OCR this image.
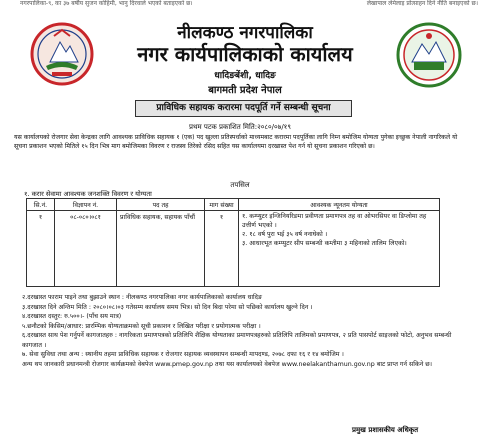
नगरपालिका-९, का ३७ बर्षीय सुजन कोहिमी, भानु दिरवाले भएको बताइएको छ।	लेखापाल लेमेलाइ प्रोत्साहन दिने नीति बनाइएको छ।
नीलकण्ठ नगरपालिका
नगर कार्यपालिकाको कार्यालय
धादिङबेंशी, धादिङ
बागमती प्रदेश नेपाल
प्राविधिक सहायक करारमा पदपूर्ति गर्ने सम्बन्धी सूचना
प्रथम पटक प्रकाशित मिति:२०८०/०७/१९
यस कार्यालयको रोजगार सेवा केन्द्रका लागि आवश्यक प्राविधिक सहायक १ (एक) पद खुल्ला प्रतिस्पर्धाको माध्यमबाट करारमा पदपूर्तिका लागि निम्न बमोजिम योग्यता पुगेका इच्छुक नेपाली नागरिकले यो सूचना प्रकाशन भएको मितिले १५ दिन भित्र माग बमोजिमका विवरण र राजस्व तिरेको रसिद सहित यस कार्यालयमा दरखास्त पेश गर्न यो सूचना प्रकाशन गरिएको छ।
तपसिल
१. करार सेवामा आवश्यक जनशक्ति विवरण र योग्यता
सि.नं.	विज्ञापन नं.	पद तह	माग संख्या	आवश्यक न्यूनतम योग्यता
१	०८-०८०।०८१	प्राविधिक सहायक, सहायक पाँचौं	१	१. कम्प्युटर इन्जिनियरिङमा प्रवीणता प्रमाणपत्र तह वा ओभरसियर वा डिप्लोमा तह उत्तीर्ण भएको ।
२. १८ वर्ष पुरा भई ३५ वर्ष ननाघेको ।
३. आधारभूत कम्प्युटर सीप सम्बन्धी कम्तीमा ३ महिनाको तालिम लिएको।

२.दरखास्त फाराम पाइने तथा बुझाउने स्थान : नीलकण्ठ नगरपालिका नगर कार्यपालिकाको कार्यालय धादिङ

३.दरखास्त दिने अन्तिम मिति : २०८०।०८।०३ गतेसम्म कार्यालय समय भित्र। सो दिन बिदा परेमा सो पछिको कार्यालय खुल्ने दिन ।

४.दरखास्त दस्तुर: रु.५००।- (पाँच सय मात्र)

५.छनौटको किसिम/आधार: प्रारम्भिक योग्यताक्रमको सूची प्रकाशन र लिखित परीक्षा र प्रयोगात्मक परीक्षा ।

६.दरखास्त साथ पेश गर्नुपर्ने कागजातहरु : नागरिकता प्रमाणपत्रको प्रतिलिपि शैक्षिक योग्यताका प्रमाणपत्रहरुको प्रतिलिपि तालिमको प्रमाणपत्र, २ प्रति पासपोर्ट साइजको फोटो, अनुभव सम्बन्धी कागजात ।

७. सेवा सुविधा तथा अन्य : स्थानीय तहमा प्राविधिक सहायक र रोजगार सहायक व्यवस्थापन सम्बन्धी मापदण्ड, २०७८ दफा १६ र १४ बमोजिम ।

अन्य थप जानकारी प्रधानमन्त्री रोजगार कार्यक्रमको वेबपेज www.pmep.gov.np तथा यस कार्यालयको वेबपेज www.neelakanthamun.gov.np बाट प्राप्त गर्न सकिने छ।

प्रमुख प्रशासकीय अधिकृत
